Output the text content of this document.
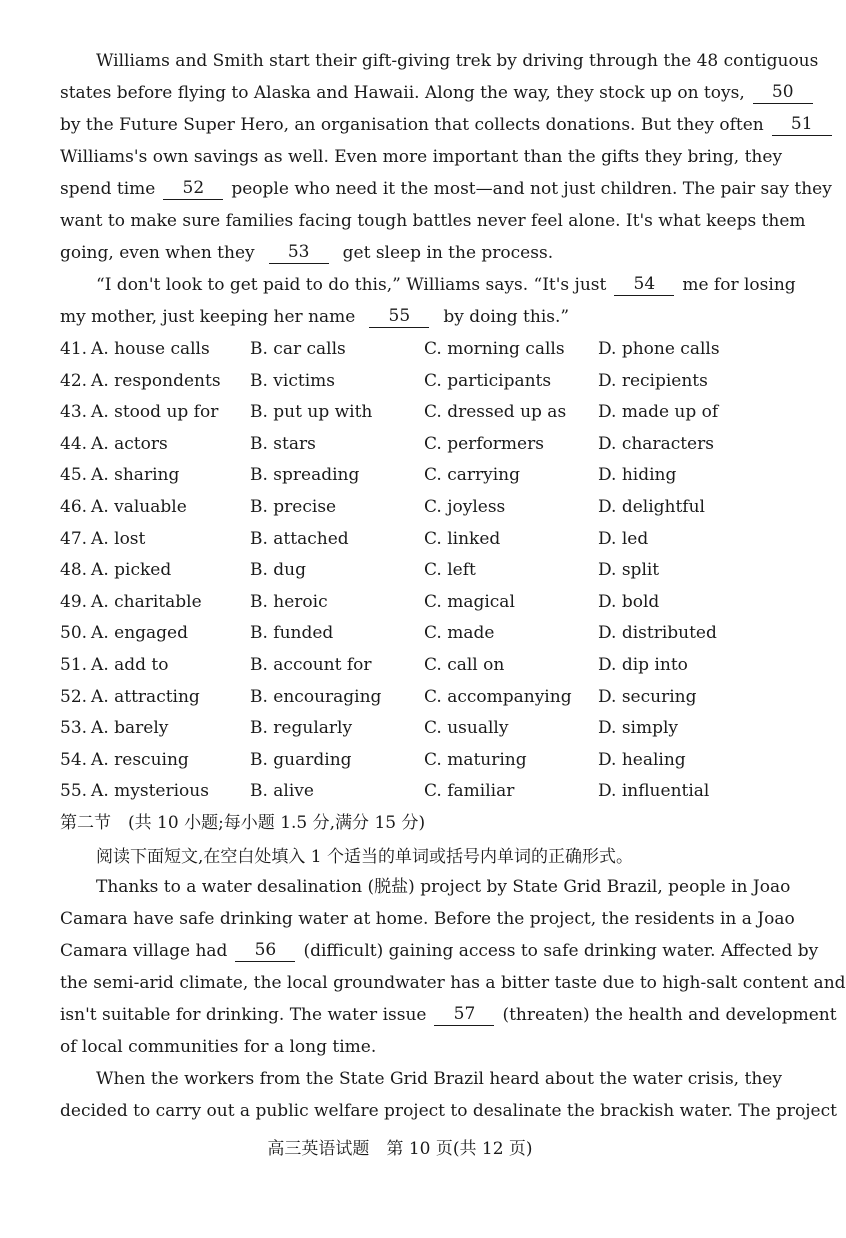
Williams and Smith start their gift-giving trek by driving through the 48 contiguous
states before flying to Alaska and Hawaii. Along the way, they stock up on toys,	50
by the Future Super Hero, an organisation that collects donations. But they often	51
Williams's own savings as well. Even more important than the gifts they bring, they
spend time	52	people who need it the most—and not just children. The pair say they
want to make sure families facing tough battles never feel alone. It's what keeps them
going, even when they	53	get sleep in the process.
“I don't look to get paid to do this,” Williams says. “It's just	54	me for losing
my mother, just keeping her name	55	by doing this.”
41. A. house calls B. car calls	C. morning calls D. phone calls
42. A. respondents B. victims	C. participants	D. recipients
43. A. stood up for B. put up with	C. dressed up as D. made up of
44. A. actors	B. stars	C. performers	D. characters
45. A. sharing	B. spreading	C. carrying	D. hiding
46. A. valuable	B. precise	C. joyless	D. delightful
47. A. lost	B. attached	C. linked	D. led
48. A. picked	B. dug	C. left	D. split
49. A. charitable	B. heroic	C. magical	D. bold
50. A. engaged	B. funded	C. made	D. distributed
51. A. add to	B. account for	C. call on	D. dip into
52. A. attracting	B. encouraging	C. accompanying D. securing
53. A. barely	B. regularly	C. usually	D. simply
54. A. rescuing	B. guarding	C. maturing	D. healing
55. A. mysterious B. alive	C. familiar	D. influential
第二节　(共 10 小题;每小题 1.5 分,满分 15 分)
阅读下面短文,在空白处填入 1 个适当的单词或括号内单词的正确形式。
Thanks to a water desalination (脱盐) project by State Grid Brazil, people in Joao
Camara have safe drinking water at home. Before the project, the residents in a Joao
Camara village had	56	(difficult) gaining access to safe drinking water. Affected by
the semi-arid climate, the local groundwater has a bitter taste due to high-salt content and
isn't suitable for drinking. The water issue	57	(threaten) the health and development
of local communities for a long time.
When the workers from the State Grid Brazil heard about the water crisis, they
decided to carry out a public welfare project to desalinate the brackish water. The project
高三英语试题　第 10 页(共 12 页)
